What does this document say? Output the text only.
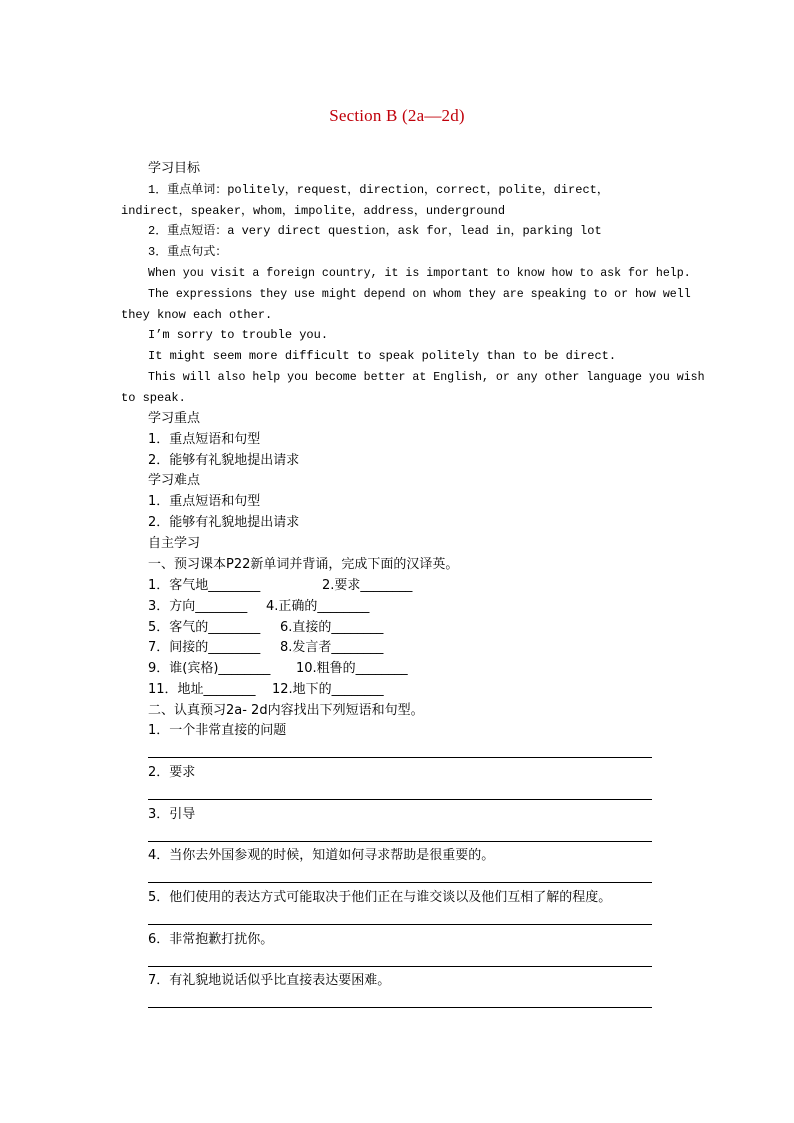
Section B (2a—2d)
学习目标
1．重点单词：politely，request，direction，correct，polite，direct，
indirect，speaker，whom，impolite，address，underground
2．重点短语：a very direct question，ask for，lead in，parking lot
3．重点句式：
When you visit a foreign country, it is important to know how to ask for help.
The expressions they use might depend on whom they are speaking to or how well
they know each other.
I’m sorry to trouble you.
It might seem more difficult to speak politely than to be direct.
This will also help you become better at English, or any other language you wish
to speak.
学习重点
1．重点短语和句型
2．能够有礼貌地提出请求
学习难点
1．重点短语和句型
2．能够有礼貌地提出请求
自主学习
一、预习课本P22新单词并背诵，完成下面的汉译英。
1．客气地________	2.要求________
3．方向________ 4.正确的________
5．客气的________ 6.直接的________
7．间接的________ 8.发言者________
9．谁(宾格)________ 10.粗鲁的________
11．地址________ 12.地下的________
二、认真预习2a- 2d内容找出下列短语和句型。
1．一个非常直接的问题
2．要求
3．引导
4．当你去外国参观的时候，知道如何寻求帮助是很重要的。
5．他们使用的表达方式可能取决于他们正在与谁交谈以及他们互相了解的程度。
6．非常抱歉打扰你。
7．有礼貌地说话似乎比直接表达要困难。
